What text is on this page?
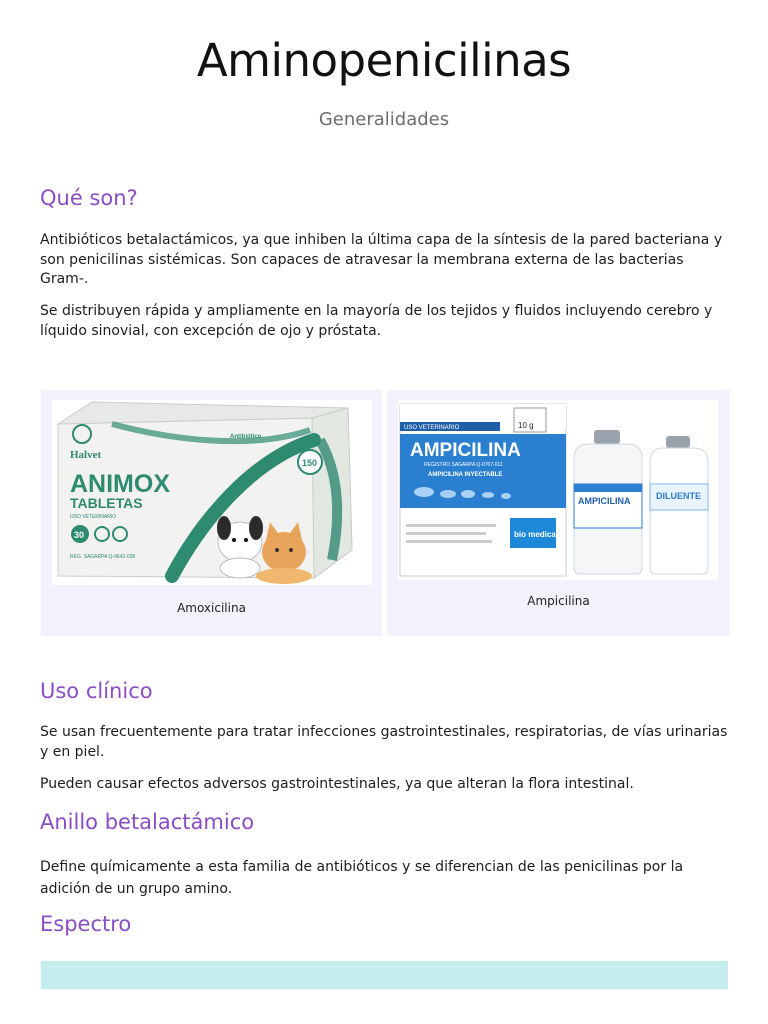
Aminopenicilinas
Generalidades
Qué son?
Antibióticos betalactámicos, ya que inhiben la última capa de la síntesis de la pared bacteriana y son penicilinas sistémicas. Son capaces de atravesar la membrana externa de las bacterias Gram-.
Se distribuyen rápida y ampliamente en la mayoría de los tejidos y fluidos incluyendo cerebro y líquido sinovial, con excepción de ojo y próstata.
Halvet
ANIMOX
TABLETAS
USO VETERINARIO
Antibiótico
150
30
REG. SAGARPA Q-0642-038
Amoxicilina
USO VETERINARIO	10 g
AMPICILINA
REGISTRO SAGARPA Q-0707-011
AMPICILINA INYECTABLE
bio medica
AMPICILINA	DILUENTE
Ampicilina
Uso clínico
Se usan frecuentemente para tratar infecciones gastrointestinales, respiratorias, de vías urinarias y en piel.
Pueden causar efectos adversos gastrointestinales, ya que alteran la flora intestinal.
Anillo betalactámico
Define químicamente a esta familia de antibióticos y se diferencian de las penicilinas por la adición de un grupo amino.
Espectro
